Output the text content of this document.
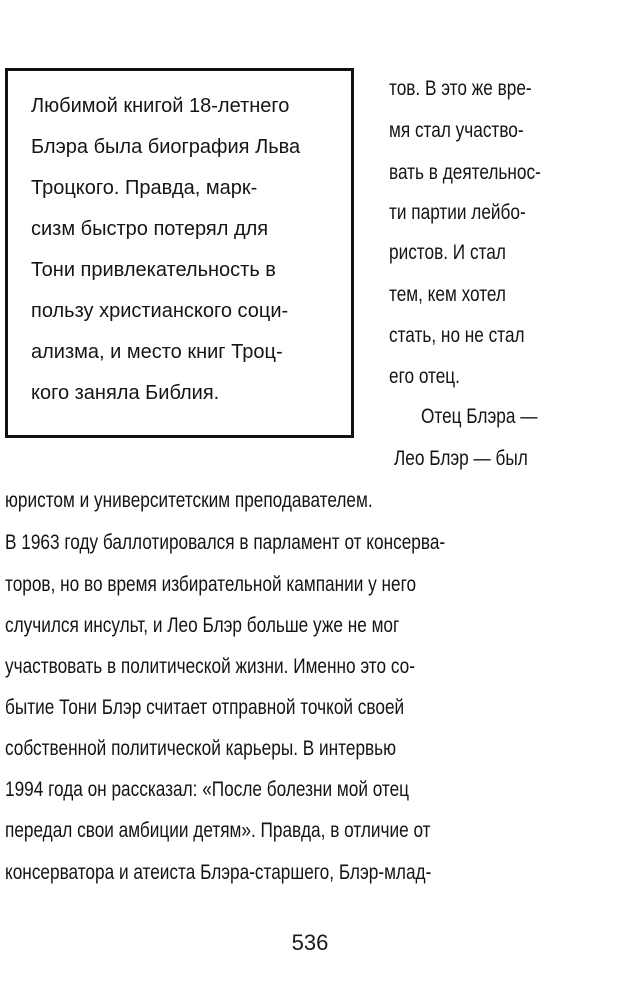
Любимой книгой 18-летнего
Блэра была биография Льва
Троцкого. Правда, марк-
сизм быстро потерял для
Тони привлекательность в
пользу христианского соци-
ализма, и место книг Троц-
кого заняла Библия.
тов. В это же вре-
мя стал участво-
вать в деятельнос-
ти партии лейбо-
ристов. И стал
тем, кем хотел
стать, но не стал
его отец.
Отец Блэра —
Лео Блэр — был
юристом и университетским преподавателем.
В 1963 году баллотировался в парламент от консерва-
торов, но во время избирательной кампании у него
случился инсульт, и Лео Блэр больше уже не мог
участвовать в политической жизни. Именно это со-
бытие Тони Блэр считает отправной точкой своей
собственной политической карьеры. В интервью
1994 года он рассказал: «После болезни мой отец
передал свои амбиции детям». Правда, в отличие от
консерватора и атеиста Блэра-старшего, Блэр-млад-
536
